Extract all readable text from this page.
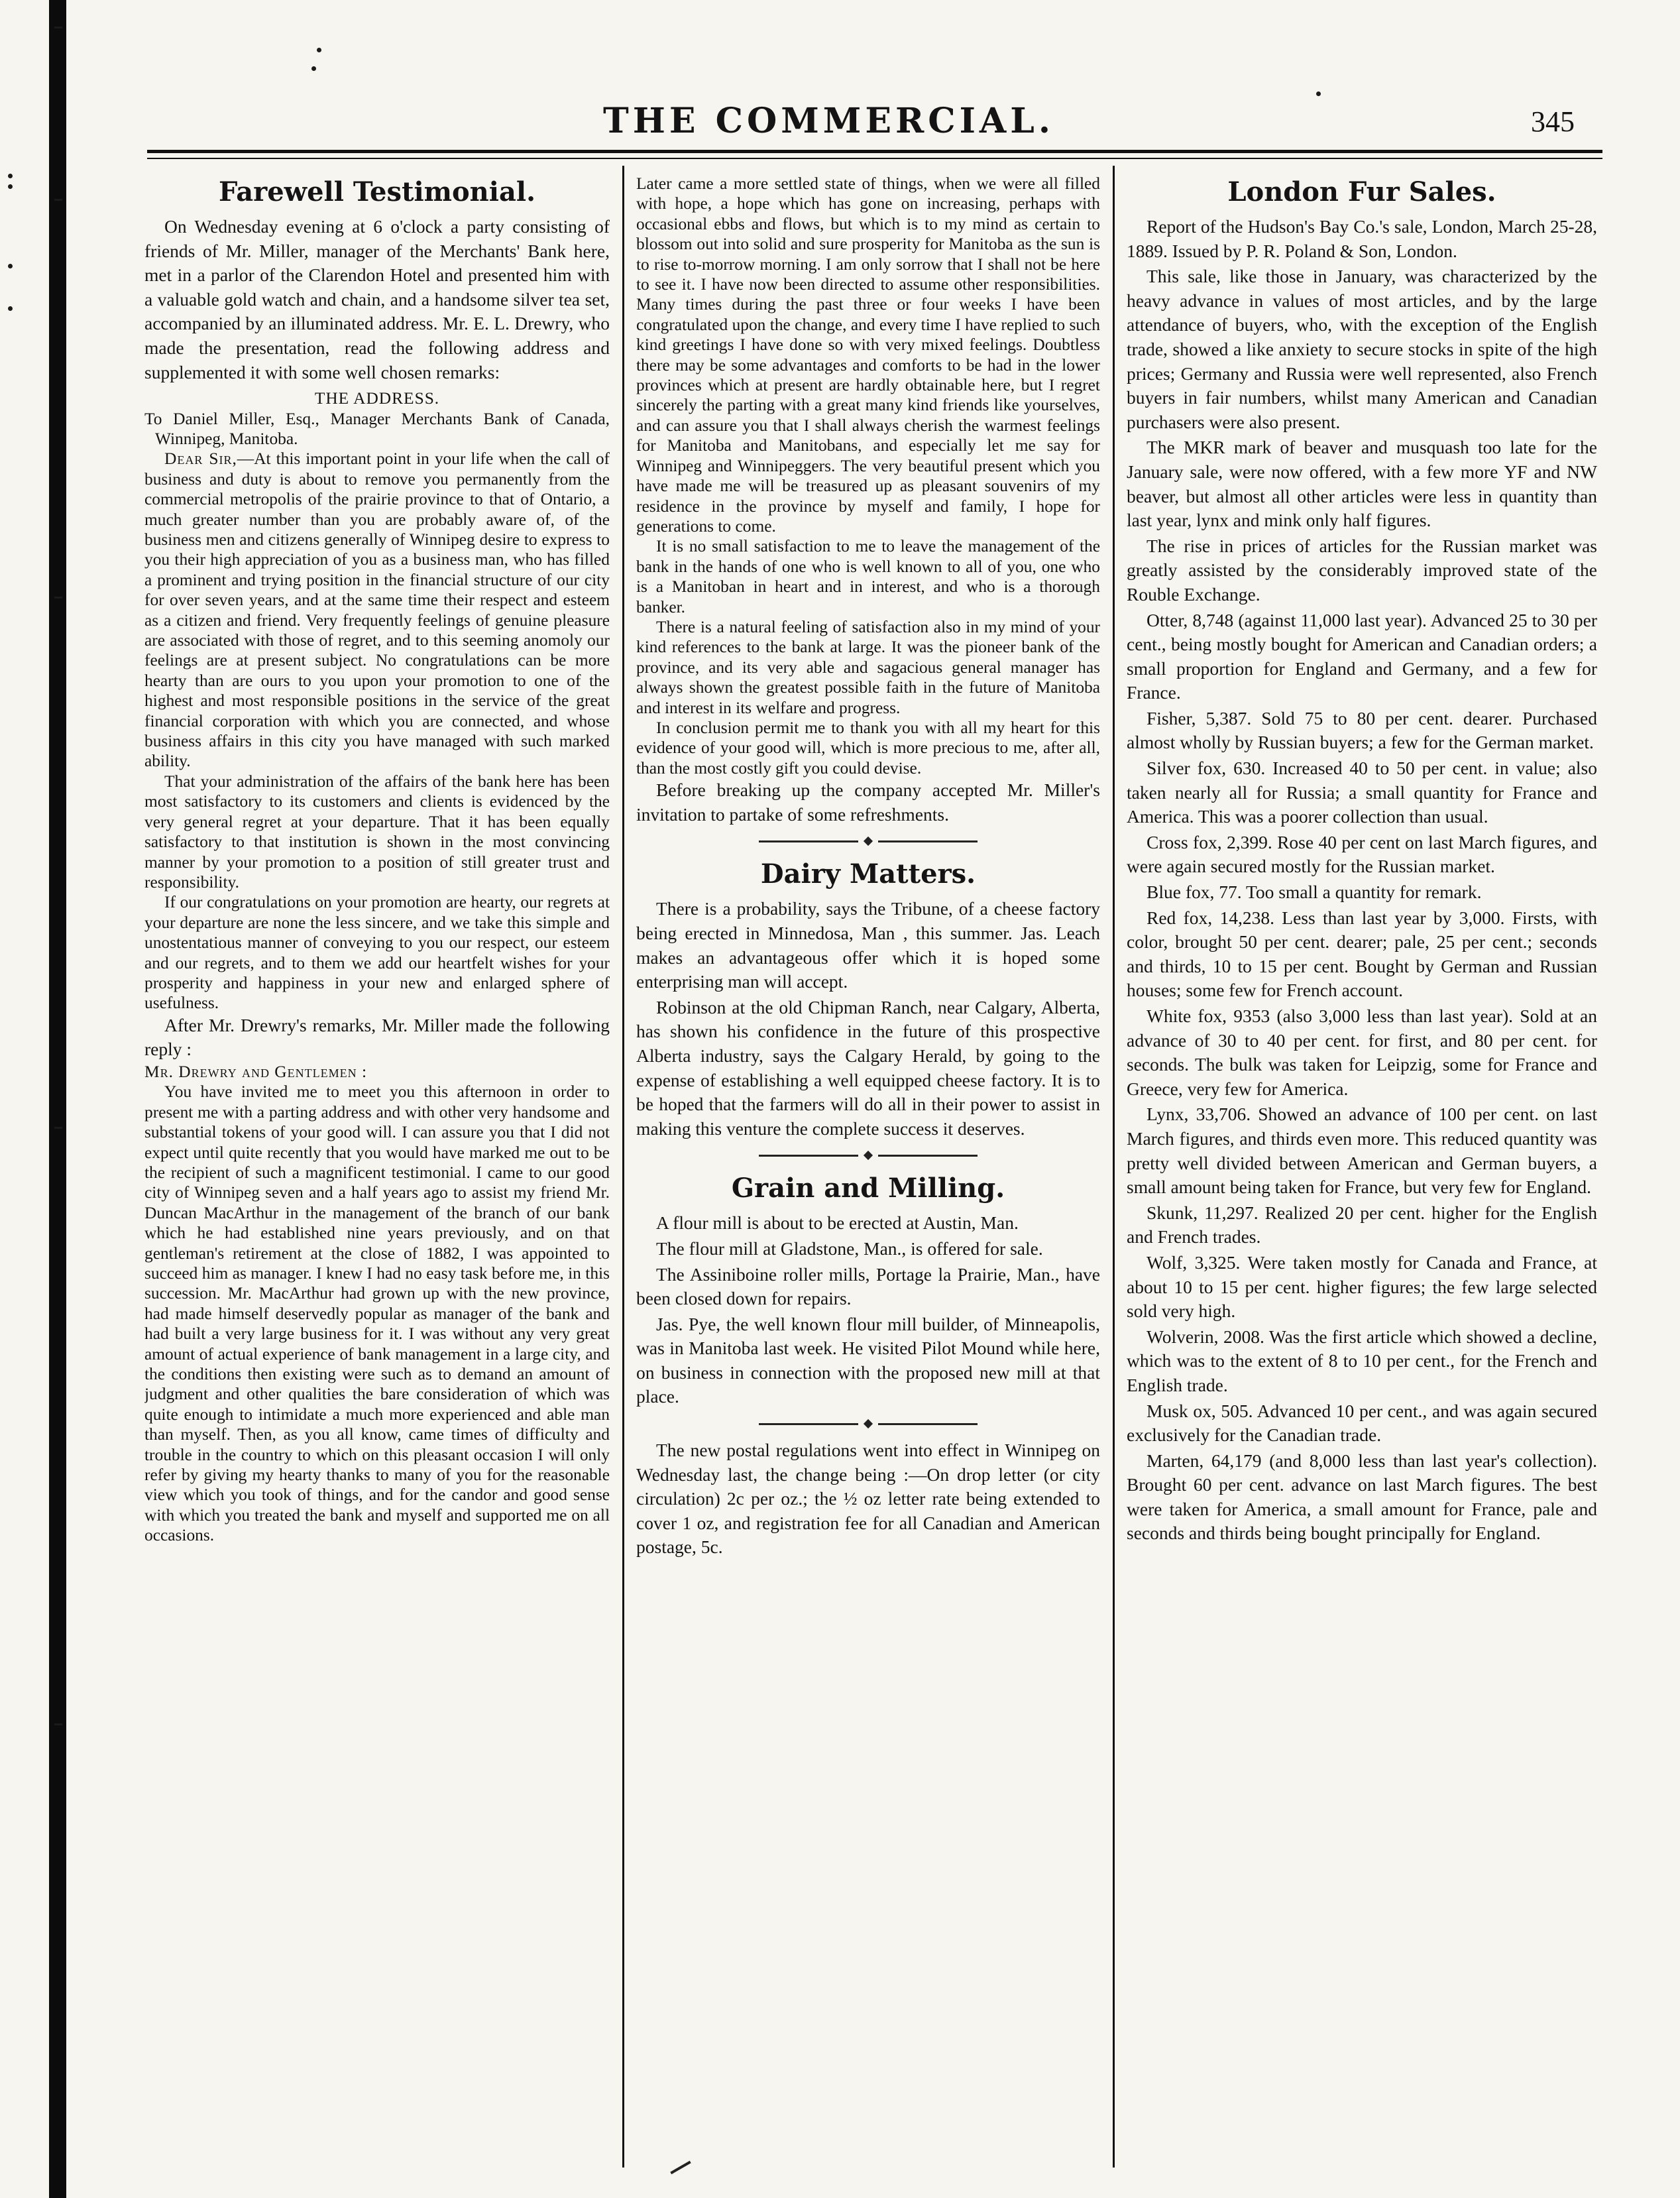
THE COMMERCIAL.	345
Farewell Testimonial.

On Wednesday evening at 6 o'clock a party consisting of friends of Mr. Miller, manager of the Merchants' Bank here, met in a parlor of the Clarendon Hotel and presented him with a valuable gold watch and chain, and a handsome silver tea set, accompanied by an illuminated address. Mr. E. L. Drewry, who made the presentation, read the following address and supplemented it with some well chosen remarks:

THE ADDRESS.

To Daniel Miller, Esq., Manager Merchants Bank of Canada, Winnipeg, Manitoba.

Dear Sir,—At this important point in your life when the call of business and duty is about to remove you permanently from the commercial metropolis of the prairie province to that of Ontario, a much greater number than you are probably aware of, of the business men and citizens generally of Winnipeg desire to express to you their high appreciation of you as a business man, who has filled a prominent and trying position in the financial structure of our city for over seven years, and at the same time their respect and esteem as a citizen and friend. Very frequently feelings of genuine pleasure are associated with those of regret, and to this seeming anomoly our feelings are at present subject. No congratulations can be more hearty than are ours to you upon your promotion to one of the highest and most responsible positions in the service of the great financial corporation with which you are connected, and whose business affairs in this city you have managed with such marked ability.

That your administration of the affairs of the bank here has been most satisfactory to its customers and clients is evidenced by the very general regret at your departure. That it has been equally satisfactory to that institution is shown in the most convincing manner by your promotion to a position of still greater trust and responsibility.

If our congratulations on your promotion are hearty, our regrets at your departure are none the less sincere, and we take this simple and unostentatious manner of conveying to you our respect, our esteem and our regrets, and to them we add our heartfelt wishes for your prosperity and happiness in your new and enlarged sphere of usefulness.

After Mr. Drewry's remarks, Mr. Miller made the following reply :

Mr. Drewry and Gentlemen :

You have invited me to meet you this afternoon in order to present me with a parting address and with other very handsome and substantial tokens of your good will. I can assure you that I did not expect until quite recently that you would have marked me out to be the recipient of such a magnificent testimonial. I came to our good city of Winnipeg seven and a half years ago to assist my friend Mr. Duncan MacArthur in the management of the branch of our bank which he had established nine years previously, and on that gentleman's retirement at the close of 1882, I was appointed to succeed him as manager. I knew I had no easy task before me, in this succession. Mr. MacArthur had grown up with the new province, had made himself deservedly popular as manager of the bank and had built a very large business for it. I was without any very great amount of actual experience of bank management in a large city, and the conditions then existing were such as to demand an amount of judgment and other qualities the bare consideration of which was quite enough to intimidate a much more experienced and able man than myself. Then, as you all know, came times of difficulty and trouble in the country to which on this pleasant occasion I will only refer by giving my hearty thanks to many of you for the reasonable view which you took of things, and for the candor and good sense with which you treated the bank and myself and supported me on all occasions.

Later came a more settled state of things, when we were all filled with hope, a hope which has gone on increasing, perhaps with occasional ebbs and flows, but which is to my mind as certain to blossom out into solid and sure prosperity for Manitoba as the sun is to rise to-morrow morning. I am only sorrow that I shall not be here to see it. I have now been directed to assume other responsibilities. Many times during the past three or four weeks I have been congratulated upon the change, and every time I have replied to such kind greetings I have done so with very mixed feelings. Doubtless there may be some advantages and comforts to be had in the lower provinces which at present are hardly obtainable here, but I regret sincerely the parting with a great many kind friends like yourselves, and can assure you that I shall always cherish the warmest feelings for Manitoba and Manitobans, and especially let me say for Winnipeg and Winnipeggers. The very beautiful present which you have made me will be treasured up as pleasant souvenirs of my residence in the province by myself and family, I hope for generations to come.

It is no small satisfaction to me to leave the management of the bank in the hands of one who is well known to all of you, one who is a Manitoban in heart and in interest, and who is a thorough banker.

There is a natural feeling of satisfaction also in my mind of your kind references to the bank at large. It was the pioneer bank of the province, and its very able and sagacious general manager has always shown the greatest possible faith in the future of Manitoba and interest in its welfare and progress.

In conclusion permit me to thank you with all my heart for this evidence of your good will, which is more precious to me, after all, than the most costly gift you could devise.

Before breaking up the company accepted Mr. Miller's invitation to partake of some refreshments.

Dairy Matters.

There is a probability, says the Tribune, of a cheese factory being erected in Minnedosa, Man , this summer. Jas. Leach makes an advantageous offer which it is hoped some enterprising man will accept.

Robinson at the old Chipman Ranch, near Calgary, Alberta, has shown his confidence in the future of this prospective Alberta industry, says the Calgary Herald, by going to the expense of establishing a well equipped cheese factory. It is to be hoped that the farmers will do all in their power to assist in making this venture the complete success it deserves.

Grain and Milling.

A flour mill is about to be erected at Austin, Man.

The flour mill at Gladstone, Man., is offered for sale.

The Assiniboine roller mills, Portage la Prairie, Man., have been closed down for repairs.

Jas. Pye, the well known flour mill builder, of Minneapolis, was in Manitoba last week. He visited Pilot Mound while here, on business in connection with the proposed new mill at that place.

The new postal regulations went into effect in Winnipeg on Wednesday last, the change being :—On drop letter (or city circulation) 2c per oz.; the ½ oz letter rate being extended to cover 1 oz, and registration fee for all Canadian and American postage, 5c.

London Fur Sales.

Report of the Hudson's Bay Co.'s sale, London, March 25-28, 1889. Issued by P. R. Poland & Son, London.

This sale, like those in January, was characterized by the heavy advance in values of most articles, and by the large attendance of buyers, who, with the exception of the English trade, showed a like anxiety to secure stocks in spite of the high prices; Germany and Russia were well represented, also French buyers in fair numbers, whilst many American and Canadian purchasers were also present.

The MKR mark of beaver and musquash too late for the January sale, were now offered, with a few more YF and NW beaver, but almost all other articles were less in quantity than last year, lynx and mink only half figures.

The rise in prices of articles for the Russian market was greatly assisted by the considerably improved state of the Rouble Exchange.

Otter, 8,748 (against 11,000 last year). Advanced 25 to 30 per cent., being mostly bought for American and Canadian orders; a small proportion for England and Germany, and a few for France.

Fisher, 5,387. Sold 75 to 80 per cent. dearer. Purchased almost wholly by Russian buyers; a few for the German market.

Silver fox, 630. Increased 40 to 50 per cent. in value; also taken nearly all for Russia; a small quantity for France and America. This was a poorer collection than usual.

Cross fox, 2,399. Rose 40 per cent on last March figures, and were again secured mostly for the Russian market.

Blue fox, 77. Too small a quantity for remark.

Red fox, 14,238. Less than last year by 3,000. Firsts, with color, brought 50 per cent. dearer; pale, 25 per cent.; seconds and thirds, 10 to 15 per cent. Bought by German and Russian houses; some few for French account.

White fox, 9353 (also 3,000 less than last year). Sold at an advance of 30 to 40 per cent. for first, and 80 per cent. for seconds. The bulk was taken for Leipzig, some for France and Greece, very few for America.

Lynx, 33,706. Showed an advance of 100 per cent. on last March figures, and thirds even more. This reduced quantity was pretty well divided between American and German buyers, a small amount being taken for France, but very few for England.

Skunk, 11,297. Realized 20 per cent. higher for the English and French trades.

Wolf, 3,325. Were taken mostly for Canada and France, at about 10 to 15 per cent. higher figures; the few large selected sold very high.

Wolverin, 2008. Was the first article which showed a decline, which was to the extent of 8 to 10 per cent., for the French and English trade.

Musk ox, 505. Advanced 10 per cent., and was again secured exclusively for the Canadian trade.

Marten, 64,179 (and 8,000 less than last year's collection). Brought 60 per cent. advance on last March figures. The best were taken for America, a small amount for France, pale and seconds and thirds being bought principally for England.
